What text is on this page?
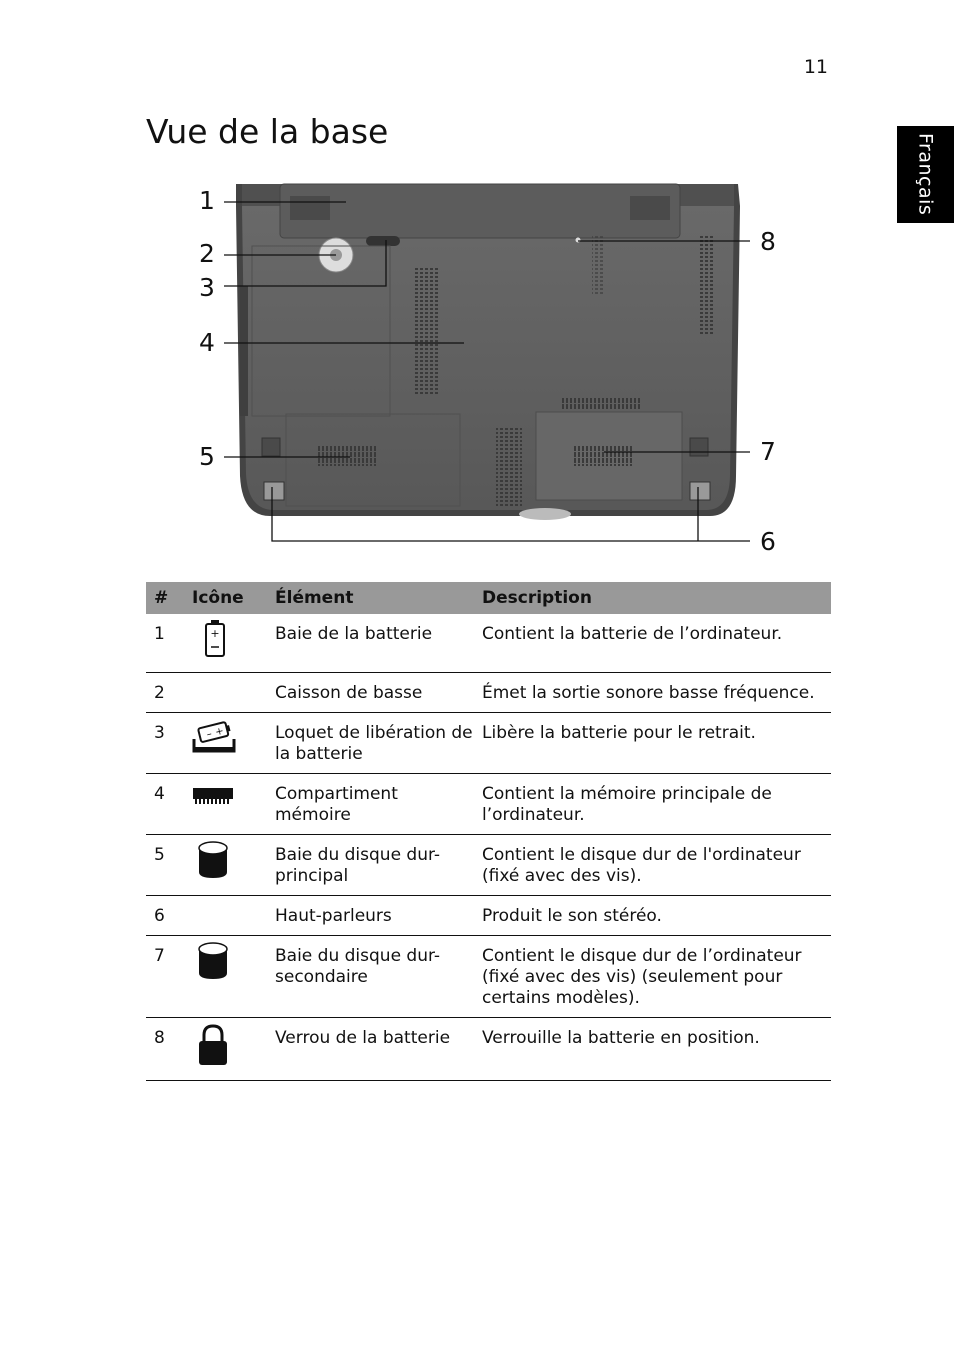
11
Français
Vue de la base
1
2
3
4
5
6
7
8
#	Icône	Élément	Description
1	+	Baie de la batterie	Contient la batterie de l’ordinateur.
2		Caisson de basse	Émet la sortie sonore basse fréquence.
3	– +	Loquet de libération de la batterie	Libère la batterie pour le retrait.
4		Compartiment mémoire	Contient la mémoire principale de l’ordinateur.
5		Baie du disque dur-principal	Contient le disque dur de l'ordinateur (fixé avec des vis).
6		Haut-parleurs	Produit le son stéréo.
7		Baie du disque dur-secondaire	Contient le disque dur de l’ordinateur (fixé avec des vis) (seulement pour certains modèles).
8		Verrou de la batterie	Verrouille la batterie en position.
